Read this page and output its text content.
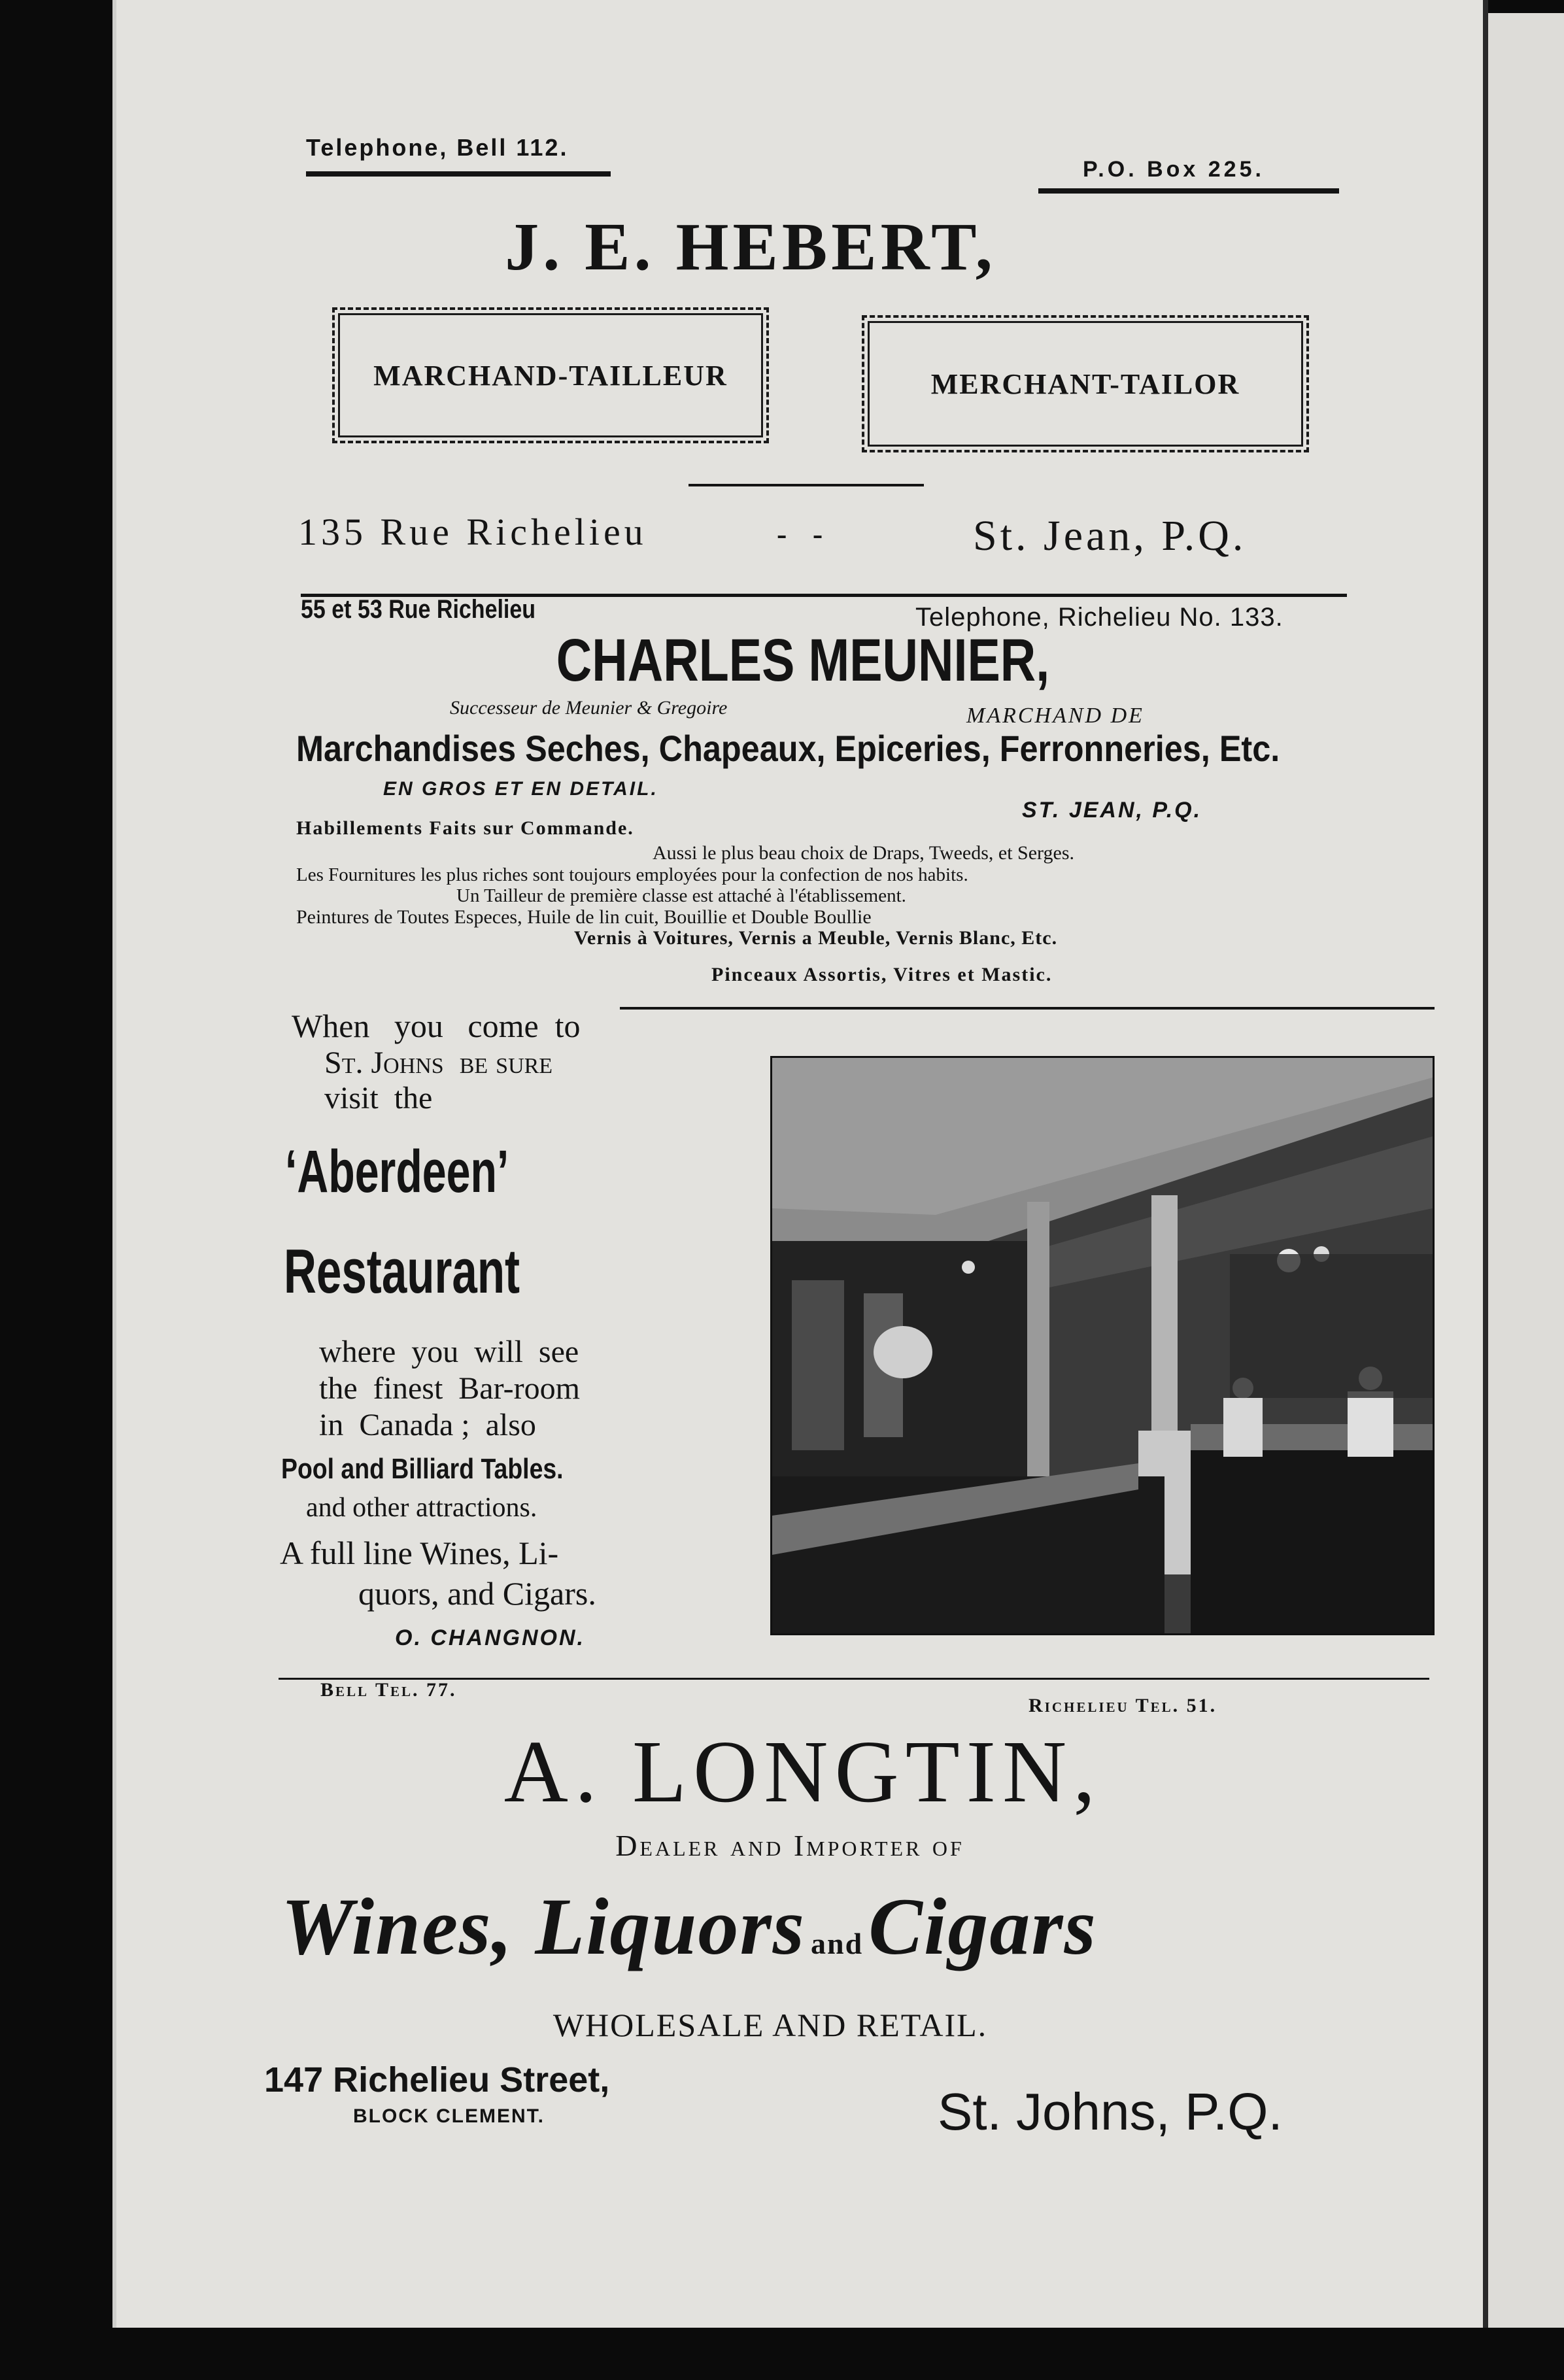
Telephone, Bell 112.
P.O. Box 225.
J. E. HEBERT,
MARCHAND-TAILLEUR	MERCHANT-TAILOR
135 Rue Richelieu	- -	St. Jean, P.Q.
55 et 53 Rue Richelieu	Telephone, Richelieu No. 133.
CHARLES MEUNIER,
Successeur de Meunier & Gregoire	MARCHAND DE
Marchandises Seches, Chapeaux, Epiceries, Ferronneries, Etc.
EN GROS ET EN DETAIL.
ST. JEAN, P.Q.
Habillements Faits sur Commande.
Aussi le plus beau choix de Draps, Tweeds, et Serges.
Les Fournitures les plus riches sont toujours employées pour la confection de nos habits.
Un Tailleur de première classe est attaché à l'établissement.
Peintures de Toutes Especes, Huile de lin cuit, Bouillie et Double Boullie
Vernis à Voitures, Vernis a Meuble, Vernis Blanc, Etc.
Pinceaux Assortis, Vitres et Mastic.
When   you   come  to
St. Johns  be sure
visit  the
‘Aberdeen’
Restaurant
where  you  will  see
the  finest  Bar-room
in  Canada ;  also
Pool and Billiard Tables.
and other attractions.
A full line Wines, Li-
quors, and Cigars.
O. CHANGNON.
Bell Tel. 77.
Richelieu Tel. 51.
A. LONGTIN,
Dealer and Importer of
Wines, Liquors andCigars
WHOLESALE AND RETAIL.
147 Richelieu Street,
BLOCK CLEMENT.	St. Johns, P.Q.
